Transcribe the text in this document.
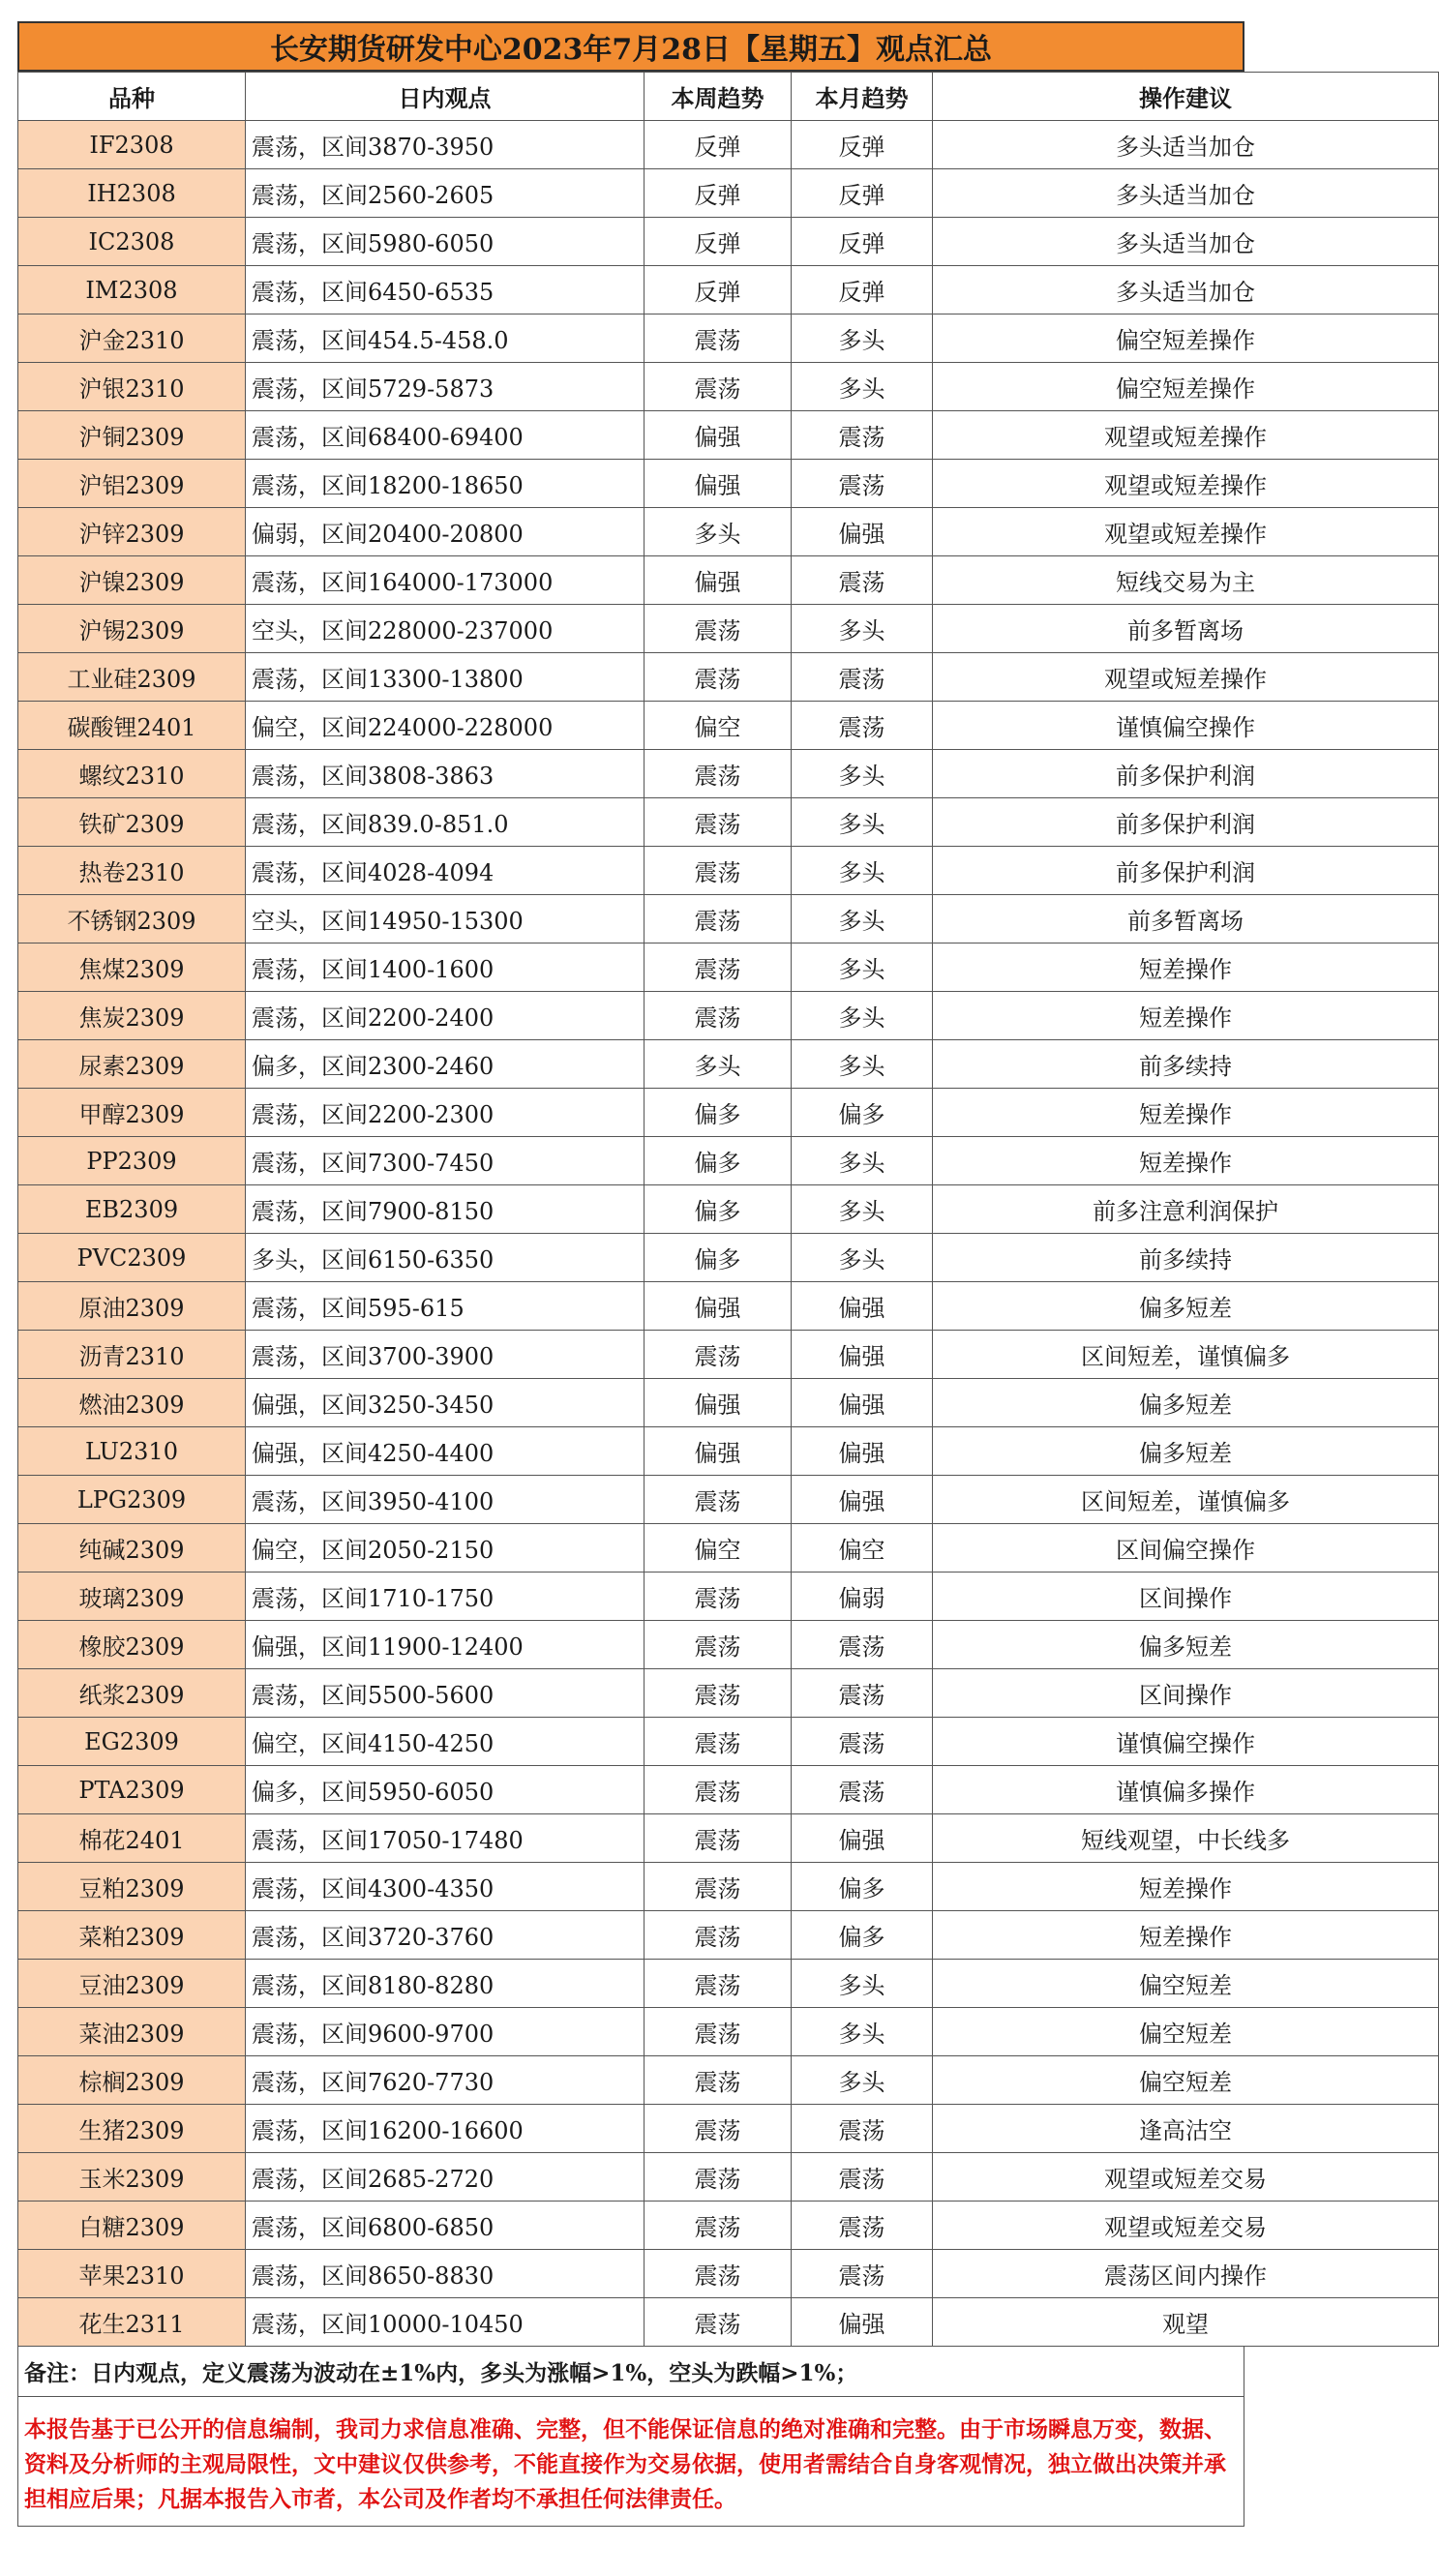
长安期货研发中心2023年7月28日【星期五】观点汇总
品种	日内观点	本周趋势	本月趋势	操作建议
IF2308	震荡，区间3870-3950	反弹	反弹	多头适当加仓
IH2308	震荡，区间2560-2605	反弹	反弹	多头适当加仓
IC2308	震荡，区间5980-6050	反弹	反弹	多头适当加仓
IM2308	震荡，区间6450-6535	反弹	反弹	多头适当加仓
沪金2310	震荡，区间454.5-458.0	震荡	多头	偏空短差操作
沪银2310	震荡，区间5729-5873	震荡	多头	偏空短差操作
沪铜2309	震荡，区间68400-69400	偏强	震荡	观望或短差操作
沪铝2309	震荡，区间18200-18650	偏强	震荡	观望或短差操作
沪锌2309	偏弱，区间20400-20800	多头	偏强	观望或短差操作
沪镍2309	震荡，区间164000-173000	偏强	震荡	短线交易为主
沪锡2309	空头，区间228000-237000	震荡	多头	前多暂离场
工业硅2309	震荡，区间13300-13800	震荡	震荡	观望或短差操作
碳酸锂2401	偏空，区间224000-228000	偏空	震荡	谨慎偏空操作
螺纹2310	震荡，区间3808-3863	震荡	多头	前多保护利润
铁矿2309	震荡，区间839.0-851.0	震荡	多头	前多保护利润
热卷2310	震荡，区间4028-4094	震荡	多头	前多保护利润
不锈钢2309	空头，区间14950-15300	震荡	多头	前多暂离场
焦煤2309	震荡，区间1400-1600	震荡	多头	短差操作
焦炭2309	震荡，区间2200-2400	震荡	多头	短差操作
尿素2309	偏多，区间2300-2460	多头	多头	前多续持
甲醇2309	震荡，区间2200-2300	偏多	偏多	短差操作
PP2309	震荡，区间7300-7450	偏多	多头	短差操作
EB2309	震荡，区间7900-8150	偏多	多头	前多注意利润保护
PVC2309	多头，区间6150-6350	偏多	多头	前多续持
原油2309	震荡，区间595-615	偏强	偏强	偏多短差
沥青2310	震荡，区间3700-3900	震荡	偏强	区间短差，谨慎偏多
燃油2309	偏强，区间3250-3450	偏强	偏强	偏多短差
LU2310	偏强，区间4250-4400	偏强	偏强	偏多短差
LPG2309	震荡，区间3950-4100	震荡	偏强	区间短差，谨慎偏多
纯碱2309	偏空，区间2050-2150	偏空	偏空	区间偏空操作
玻璃2309	震荡，区间1710-1750	震荡	偏弱	区间操作
橡胶2309	偏强，区间11900-12400	震荡	震荡	偏多短差
纸浆2309	震荡，区间5500-5600	震荡	震荡	区间操作
EG2309	偏空，区间4150-4250	震荡	震荡	谨慎偏空操作
PTA2309	偏多，区间5950-6050	震荡	震荡	谨慎偏多操作
棉花2401	震荡，区间17050-17480	震荡	偏强	短线观望，中长线多
豆粕2309	震荡，区间4300-4350	震荡	偏多	短差操作
菜粕2309	震荡，区间3720-3760	震荡	偏多	短差操作
豆油2309	震荡，区间8180-8280	震荡	多头	偏空短差
菜油2309	震荡，区间9600-9700	震荡	多头	偏空短差
棕榈2309	震荡，区间7620-7730	震荡	多头	偏空短差
生猪2309	震荡，区间16200-16600	震荡	震荡	逢高沽空
玉米2309	震荡，区间2685-2720	震荡	震荡	观望或短差交易
白糖2309	震荡，区间6800-6850	震荡	震荡	观望或短差交易
苹果2310	震荡，区间8650-8830	震荡	震荡	震荡区间内操作
花生2311	震荡，区间10000-10450	震荡	偏强	观望
备注：日内观点，定义震荡为波动在±1%内，多头为涨幅>1%，空头为跌幅>1%；
本报告基于已公开的信息编制，我司力求信息准确、完整，但不能保证信息的绝对准确和完整。由于市场瞬息万变，数据、资料及分析师的主观局限性，文中建议仅供参考，不能直接作为交易依据，使用者需结合自身客观情况，独立做出决策并承担相应后果；凡据本报告入市者，本公司及作者均不承担任何法律责任。
